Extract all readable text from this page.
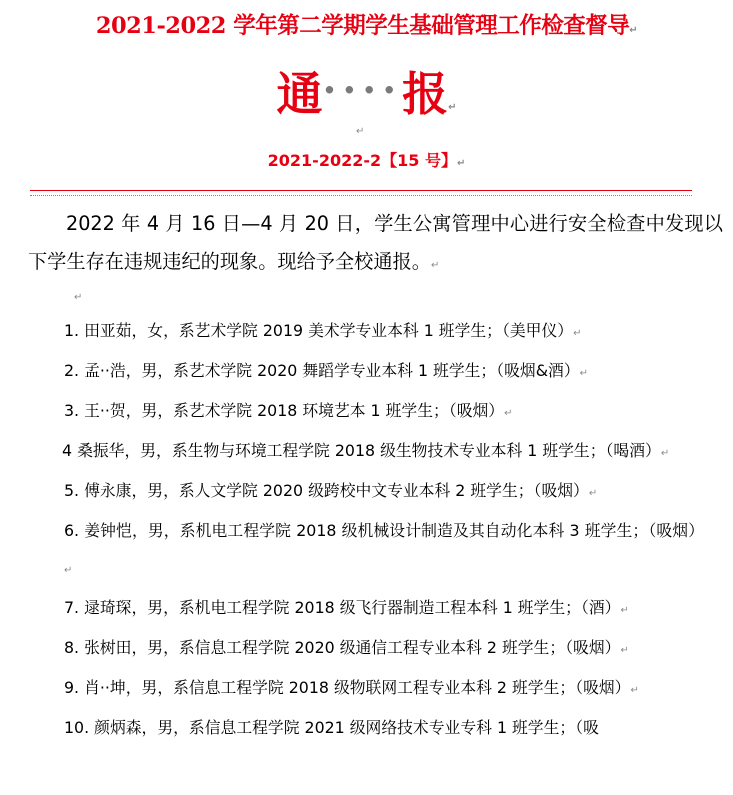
2021-2022 学年第二学期学生基础管理工作检查督导↵
通····报↵
↵
2021-2022-2【15 号】↵
2022 年 4 月 16 日—4 月 20 日，学生公寓管理中心进行安全检查中发现以下学生存在违规违纪的现象。现给予全校通报。↵
↵
1. 田亚茹，女，系艺术学院 2019 美术学专业本科 1 班学生；（美甲仪）↵
2. 孟··浩，男，系艺术学院 2020 舞蹈学专业本科 1 班学生；（吸烟&酒）↵
3. 王··贺，男，系艺术学院 2018 环境艺本 1 班学生；（吸烟）↵
4 桑振华，男，系生物与环境工程学院 2018 级生物技术专业本科 1 班学生；（喝酒）↵
5. 傅永康，男，系人文学院 2020 级跨校中文专业本科 2 班学生；（吸烟）↵
6. 姜钟恺，男，系机电工程学院 2018 级机械设计制造及其自动化本科 3 班学生；（吸烟）↵
7. 逯琦琛，男，系机电工程学院 2018 级飞行器制造工程本科 1 班学生；（酒）↵
8. 张树田，男，系信息工程学院 2020 级通信工程专业本科 2 班学生；（吸烟）↵
9. 肖··坤，男，系信息工程学院 2018 级物联网工程专业本科 2 班学生；（吸烟）↵
10. 颜炳森，男，系信息工程学院 2021 级网络技术专业专科 1 班学生；（吸
